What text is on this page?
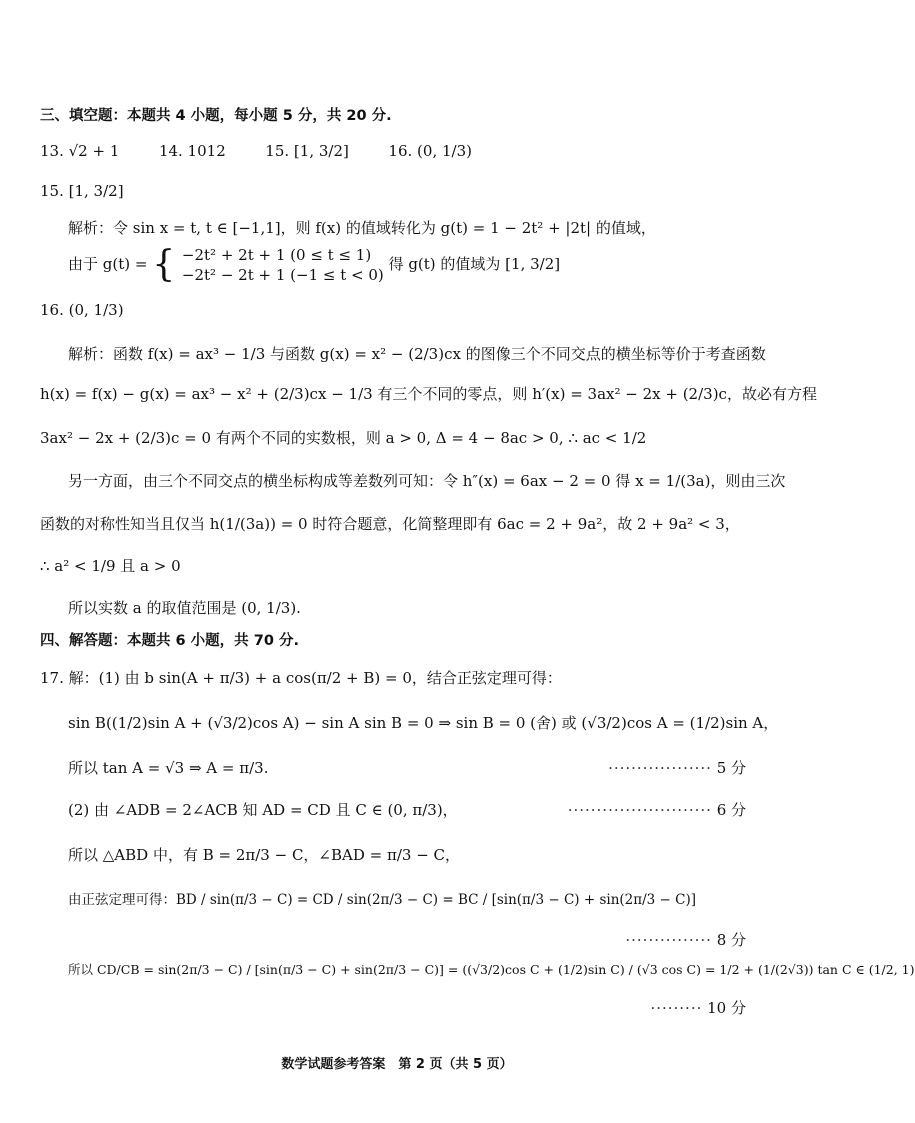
三、填空题：本题共 4 小题，每小题 5 分，共 20 分.
13. √2 + 1	14. 1012	15. [1, 3/2]	16. (0, 1/3)
15. [1, 3/2]
解析：令 sin x = t, t ∈ [−1,1]，则 f(x) 的值域转化为 g(t) = 1 − 2t² + |2t| 的值域，
由于 g(t) = { −2t² + 2t + 1 (0 ≤ t ≤ 1)
−2t² − 2t + 1 (−1 ≤ t < 0)
得 g(t) 的值域为 [1, 3/2]
16. (0, 1/3)
解析：函数 f(x) = ax³ − 1/3 与函数 g(x) = x² − (2/3)cx 的图像三个不同交点的横坐标等价于考查函数
h(x) = f(x) − g(x) = ax³ − x² + (2/3)cx − 1/3 有三个不同的零点，则 h′(x) = 3ax² − 2x + (2/3)c，故必有方程
3ax² − 2x + (2/3)c = 0 有两个不同的实数根，则 a > 0, Δ = 4 − 8ac > 0, ∴ ac < 1/2
另一方面，由三个不同交点的横坐标构成等差数列可知：令 h″(x) = 6ax − 2 = 0 得 x = 1/(3a)，则由三次
函数的对称性知当且仅当 h(1/(3a)) = 0 时符合题意，化简整理即有 6ac = 2 + 9a²，故 2 + 9a² < 3，
∴ a² < 1/9 且 a > 0
所以实数 a 的取值范围是 (0, 1/3).
四、解答题：本题共 6 小题，共 70 分.
17. 解：(1) 由 b sin(A + π/3) + a cos(π/2 + B) = 0，结合正弦定理可得：
sin B((1/2)sin A + (√3/2)cos A) − sin A sin B = 0 ⇒ sin B = 0 (舍) 或 (√3/2)cos A = (1/2)sin A，
所以 tan A = √3 ⇒ A = π/3.	·················· 5 分
(2) 由 ∠ADB = 2∠ACB 知 AD = CD 且 C ∈ (0, π/3)，	························· 6 分
所以 △ABD 中，有 B = 2π/3 − C，∠BAD = π/3 − C，
由正弦定理可得：BD / sin(π/3 − C) = CD / sin(2π/3 − C) = BC / [sin(π/3 − C) + sin(2π/3 − C)]
··············· 8 分
所以 CD/CB = sin(2π/3 − C) / [sin(π/3 − C) + sin(2π/3 − C)] = ((√3/2)cos C + (1/2)sin C) / (√3 cos C) = 1/2 + (1/(2√3)) tan C ∈ (1/2, 1)
········· 10 分
数学试题参考答案　第 2 页（共 5 页）
